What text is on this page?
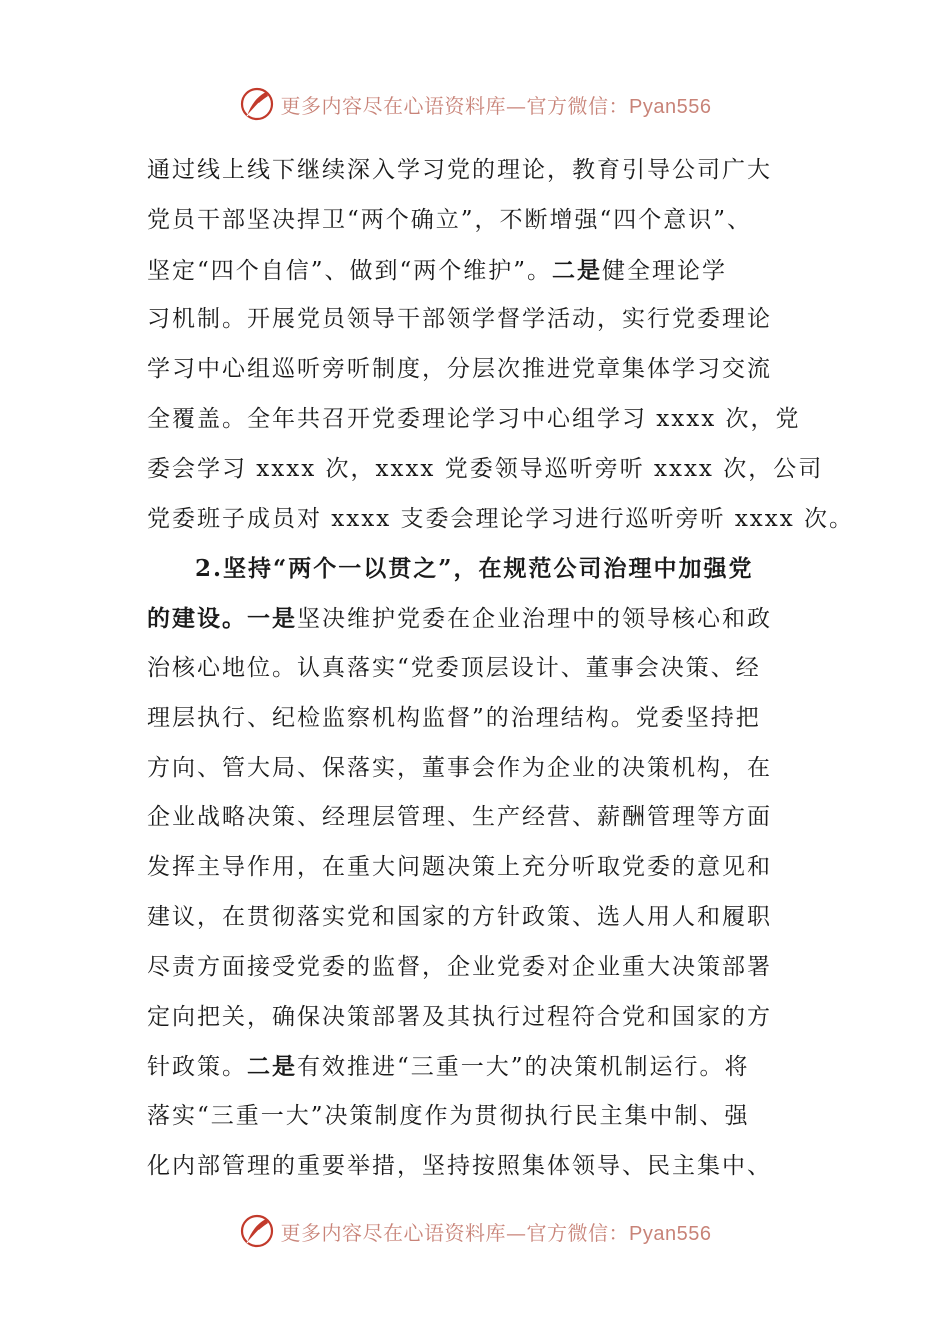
更多内容尽在心语资料库—官方微信：Pyan556
通过线上线下继续深入学习党的理论，教育引导公司广大
党员干部坚决捍卫“两个确立”，不断增强“四个意识”、
坚定“四个自信”、做到“两个维护”。二是健全理论学
习机制。开展党员领导干部领学督学活动，实行党委理论
学习中心组巡听旁听制度，分层次推进党章集体学习交流
全覆盖。全年共召开党委理论学习中心组学习 xxxx 次，党
委会学习 xxxx 次，xxxx 党委领导巡听旁听 xxxx 次，公司
党委班子成员对 xxxx 支委会理论学习进行巡听旁听 xxxx 次。
2.坚持“两个一以贯之”，在规范公司治理中加强党
的建设。一是坚决维护党委在企业治理中的领导核心和政
治核心地位。认真落实“党委顶层设计、董事会决策、经
理层执行、纪检监察机构监督”的治理结构。党委坚持把
方向、管大局、保落实，董事会作为企业的决策机构，在
企业战略决策、经理层管理、生产经营、薪酬管理等方面
发挥主导作用，在重大问题决策上充分听取党委的意见和
建议，在贯彻落实党和国家的方针政策、选人用人和履职
尽责方面接受党委的监督，企业党委对企业重大决策部署
定向把关，确保决策部署及其执行过程符合党和国家的方
针政策。二是有效推进“三重一大”的决策机制运行。将
落实“三重一大”决策制度作为贯彻执行民主集中制、强
化内部管理的重要举措，坚持按照集体领导、民主集中、
更多内容尽在心语资料库—官方微信：Pyan556
